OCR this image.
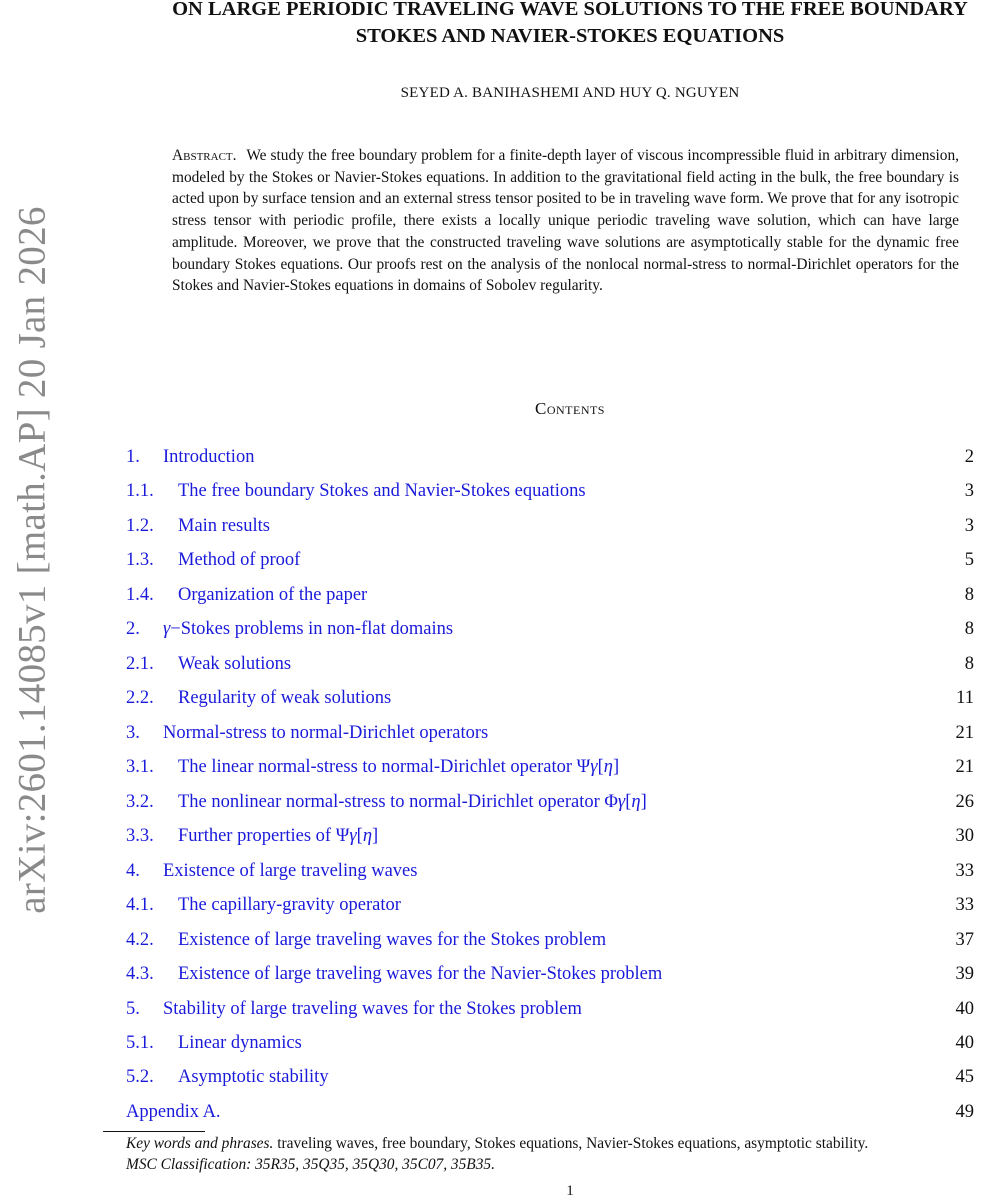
arXiv:2601.14085v1 [math.AP] 20 Jan 2026
ON LARGE PERIODIC TRAVELING WAVE SOLUTIONS TO THE FREE BOUNDARY
STOKES AND NAVIER-STOKES EQUATIONS
SEYED A. BANIHASHEMI AND HUY Q. NGUYEN
Abstract. We study the free boundary problem for a finite-depth layer of viscous incompressible fluid in arbitrary dimension, modeled by the Stokes or Navier-Stokes equations. In addition to the gravitational field acting in the bulk, the free boundary is acted upon by surface tension and an external stress tensor posited to be in traveling wave form. We prove that for any isotropic stress tensor with periodic profile, there exists a locally unique periodic traveling wave solution, which can have large amplitude. Moreover, we prove that the constructed traveling wave solutions are asymptotically stable for the dynamic free boundary Stokes equations. Our proofs rest on the analysis of the nonlocal normal-stress to normal-Dirichlet operators for the Stokes and Navier-Stokes equations in domains of Sobolev regularity.
Contents
1. Introduction	2
1.1. The free boundary Stokes and Navier-Stokes equations	3
1.2. Main results	3
1.3. Method of proof	5
1.4. Organization of the paper	8
2. γ−Stokes problems in non-flat domains	8
2.1. Weak solutions	8
2.2. Regularity of weak solutions	11
3. Normal-stress to normal-Dirichlet operators	21
3.1. The linear normal-stress to normal-Dirichlet operator Ψγ[η]	21
3.2. The nonlinear normal-stress to normal-Dirichlet operator Φγ[η]	26
3.3. Further properties of Ψγ[η]	30
4. Existence of large traveling waves	33
4.1. The capillary-gravity operator	33
4.2. Existence of large traveling waves for the Stokes problem	37
4.3. Existence of large traveling waves for the Navier-Stokes problem	39
5. Stability of large traveling waves for the Stokes problem	40
5.1. Linear dynamics	40
5.2. Asymptotic stability	45
Appendix A.	49
Key words and phrases. traveling waves, free boundary, Stokes equations, Navier-Stokes equations, asymptotic stability.
MSC Classification: 35R35, 35Q35, 35Q30, 35C07, 35B35.
1
